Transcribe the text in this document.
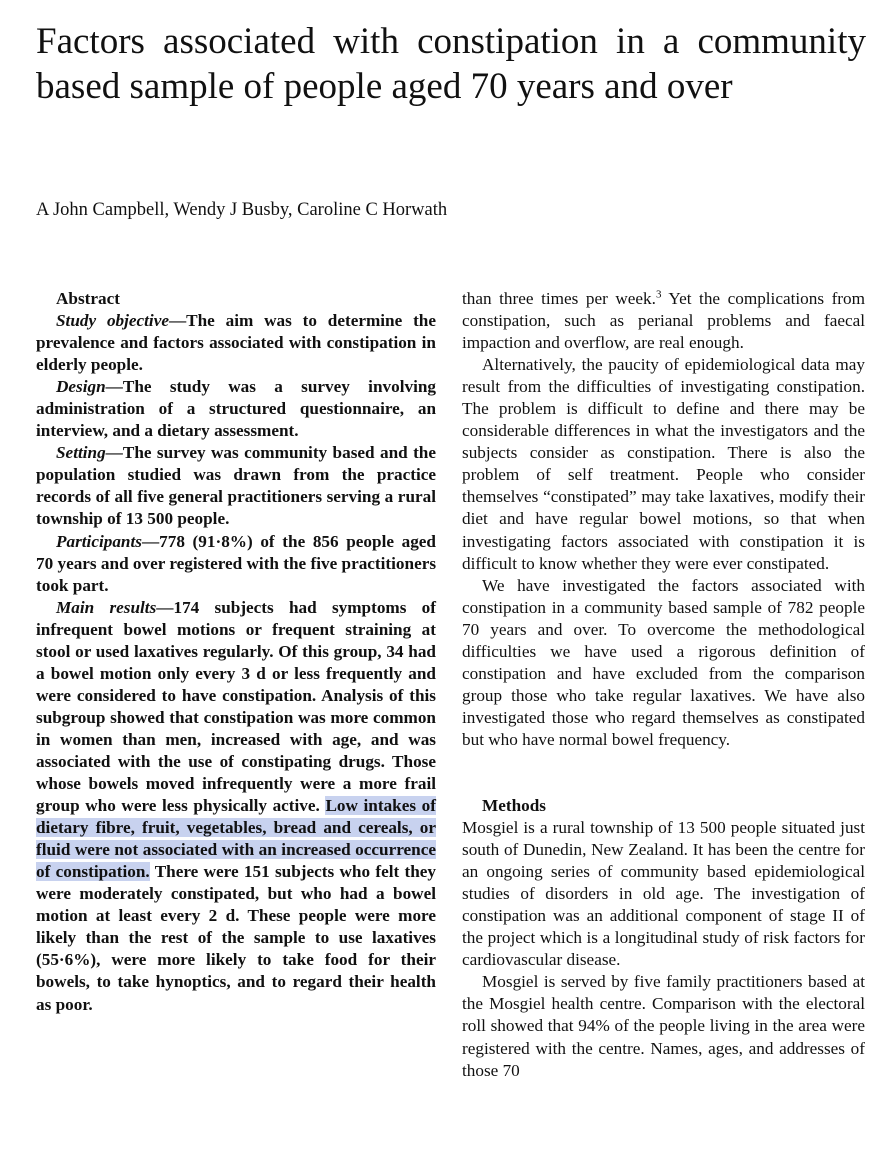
Factors associated with constipation in a community based sample of people aged 70 years and over

A John Campbell, Wendy J Busby, Caroline C Horwath

Abstract

Study objective—The aim was to determine the prevalence and factors associated with constipation in elderly people.

Design—The study was a survey involving administration of a structured questionnaire, an interview, and a dietary assessment.

Setting—The survey was community based and the population studied was drawn from the practice records of all five general practitioners serving a rural township of 13 500 people.

Participants—778 (91·8%) of the 856 people aged 70 years and over registered with the five practitioners took part.

Main results—174 subjects had symptoms of infrequent bowel motions or frequent straining at stool or used laxatives regularly. Of this group, 34 had a bowel motion only every 3 d or less frequently and were considered to have constipation. Analysis of this subgroup showed that constipation was more common in women than men, increased with age, and was associated with the use of constipating drugs. Those whose bowels moved infrequently were a more frail group who were less physically active. Low intakes of dietary fibre, fruit, vegetables, bread and cereals, or fluid were not associated with an increased occurrence of constipation. There were 151 subjects who felt they were moderately constipated, but who had a bowel motion at least every 2 d. These people were more likely than the rest of the sample to use laxatives (55·6%), were more likely to take food for their bowels, to take hynoptics, and to regard their health as poor.

than three times per week.$^3$ Yet the complications from constipation, such as perianal problems and faecal impaction and overflow, are real enough.

Alternatively, the paucity of epidemiological data may result from the difficulties of investigating constipation. The problem is difficult to define and there may be considerable differences in what the investigators and the subjects consider as constipation. There is also the problem of self treatment. People who consider themselves “constipated” may take laxatives, modify their diet and have regular bowel motions, so that when investigating factors associated with constipation it is difficult to know whether they were ever constipated.

We have investigated the factors associated with constipation in a community based sample of 782 people 70 years and over. To overcome the methodological difficulties we have used a rigorous definition of constipation and have excluded from the comparison group those who take regular laxatives. We have also investigated those who regard themselves as constipated but who have normal bowel frequency.

Methods

Mosgiel is a rural township of 13 500 people situated just south of Dunedin, New Zealand. It has been the centre for an ongoing series of community based epidemiological studies of disorders in old age. The investigation of constipation was an additional component of stage II of the project which is a longitudinal study of risk factors for cardiovascular disease.

Mosgiel is served by five family practitioners based at the Mosgiel health centre. Comparison with the electoral roll showed that 94% of the people living in the area were registered with the centre. Names, ages, and addresses of those 70
